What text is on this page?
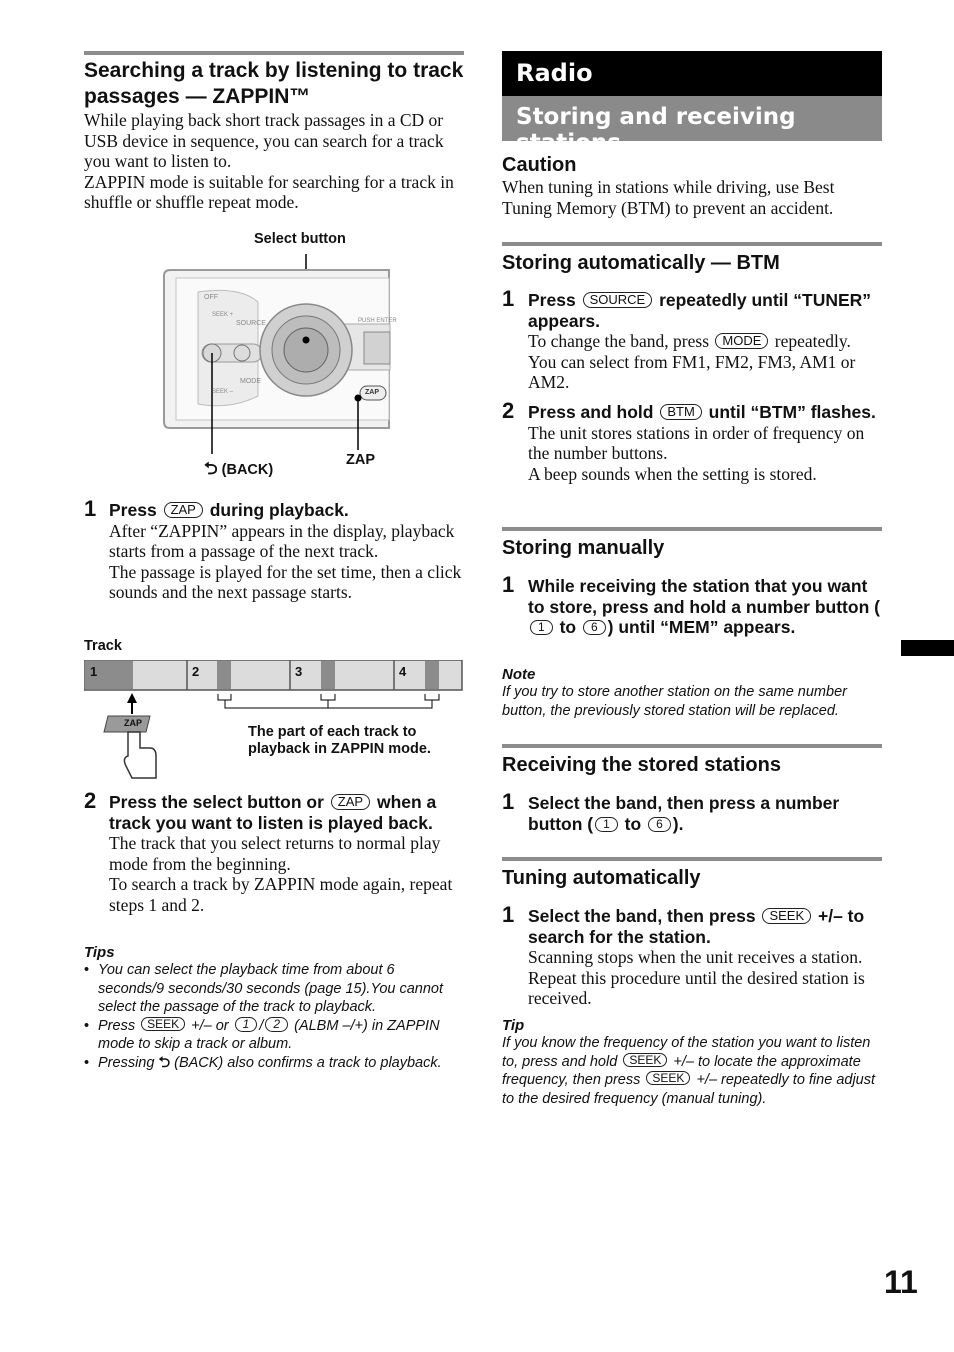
Searching a track by listening to track passages — ZAPPIN™

While playing back short track passages in a CD or USB device in sequence, you can search for a track you want to listen to.

ZAPPIN mode is suitable for searching for a track in shuffle or shuffle repeat mode.

Select button
OFF
SEEK +
SOURCE
MODE
SEEK –
PUSH ENTER
ZAP
⮌ (BACK)
ZAP
1 Press ZAP during playback.
After “ZAPPIN” appears in the display, playback starts from a passage of the next track.
The passage is played for the set time, then a click sounds and the next passage starts.
Track
1	2	3	4
ZAP
The part of each track to playback in ZAPPIN mode.
2 Press the select button or ZAP when a track you want to listen is played back.
The track that you select returns to normal play mode from the beginning.
To search a track by ZAPPIN mode again, repeat steps 1 and 2.
Tips
• You can select the playback time from about 6 seconds/9 seconds/30 seconds (page 15).You cannot select the passage of the track to playback.
• Press SEEK +/– or 1 / 2 (ALBM –/+) in ZAPPIN mode to skip a track or album.
• Pressing ⮌ (BACK) also confirms a track to playback.
Radio
Storing and receiving stations
Caution

When tuning in stations while driving, use Best Tuning Memory (BTM) to prevent an accident.

Storing automatically — BTM
1 Press SOURCE repeatedly until “TUNER” appears.
To change the band, press MODE repeatedly. You can select from FM1, FM2, FM3, AM1 or AM2.
2 Press and hold BTM until “BTM” flashes.
The unit stores stations in order of frequency on the number buttons.
A beep sounds when the setting is stored.
Storing manually
1 While receiving the station that you want to store, press and hold a number button (1 to 6 ) until “MEM” appears.
Note
If you try to store another station on the same number button, the previously stored station will be replaced.
Receiving the stored stations
1 Select the band, then press a number button ( 1 to 6 ).
Tuning automatically
1 Select the band, then press SEEK +/– to search for the station.
Scanning stops when the unit receives a station. Repeat this procedure until the desired station is received.
Tip
If you know the frequency of the station you want to listen to, press and hold SEEK +/– to locate the approximate frequency, then press SEEK +/– repeatedly to fine adjust to the desired frequency (manual tuning).
11
